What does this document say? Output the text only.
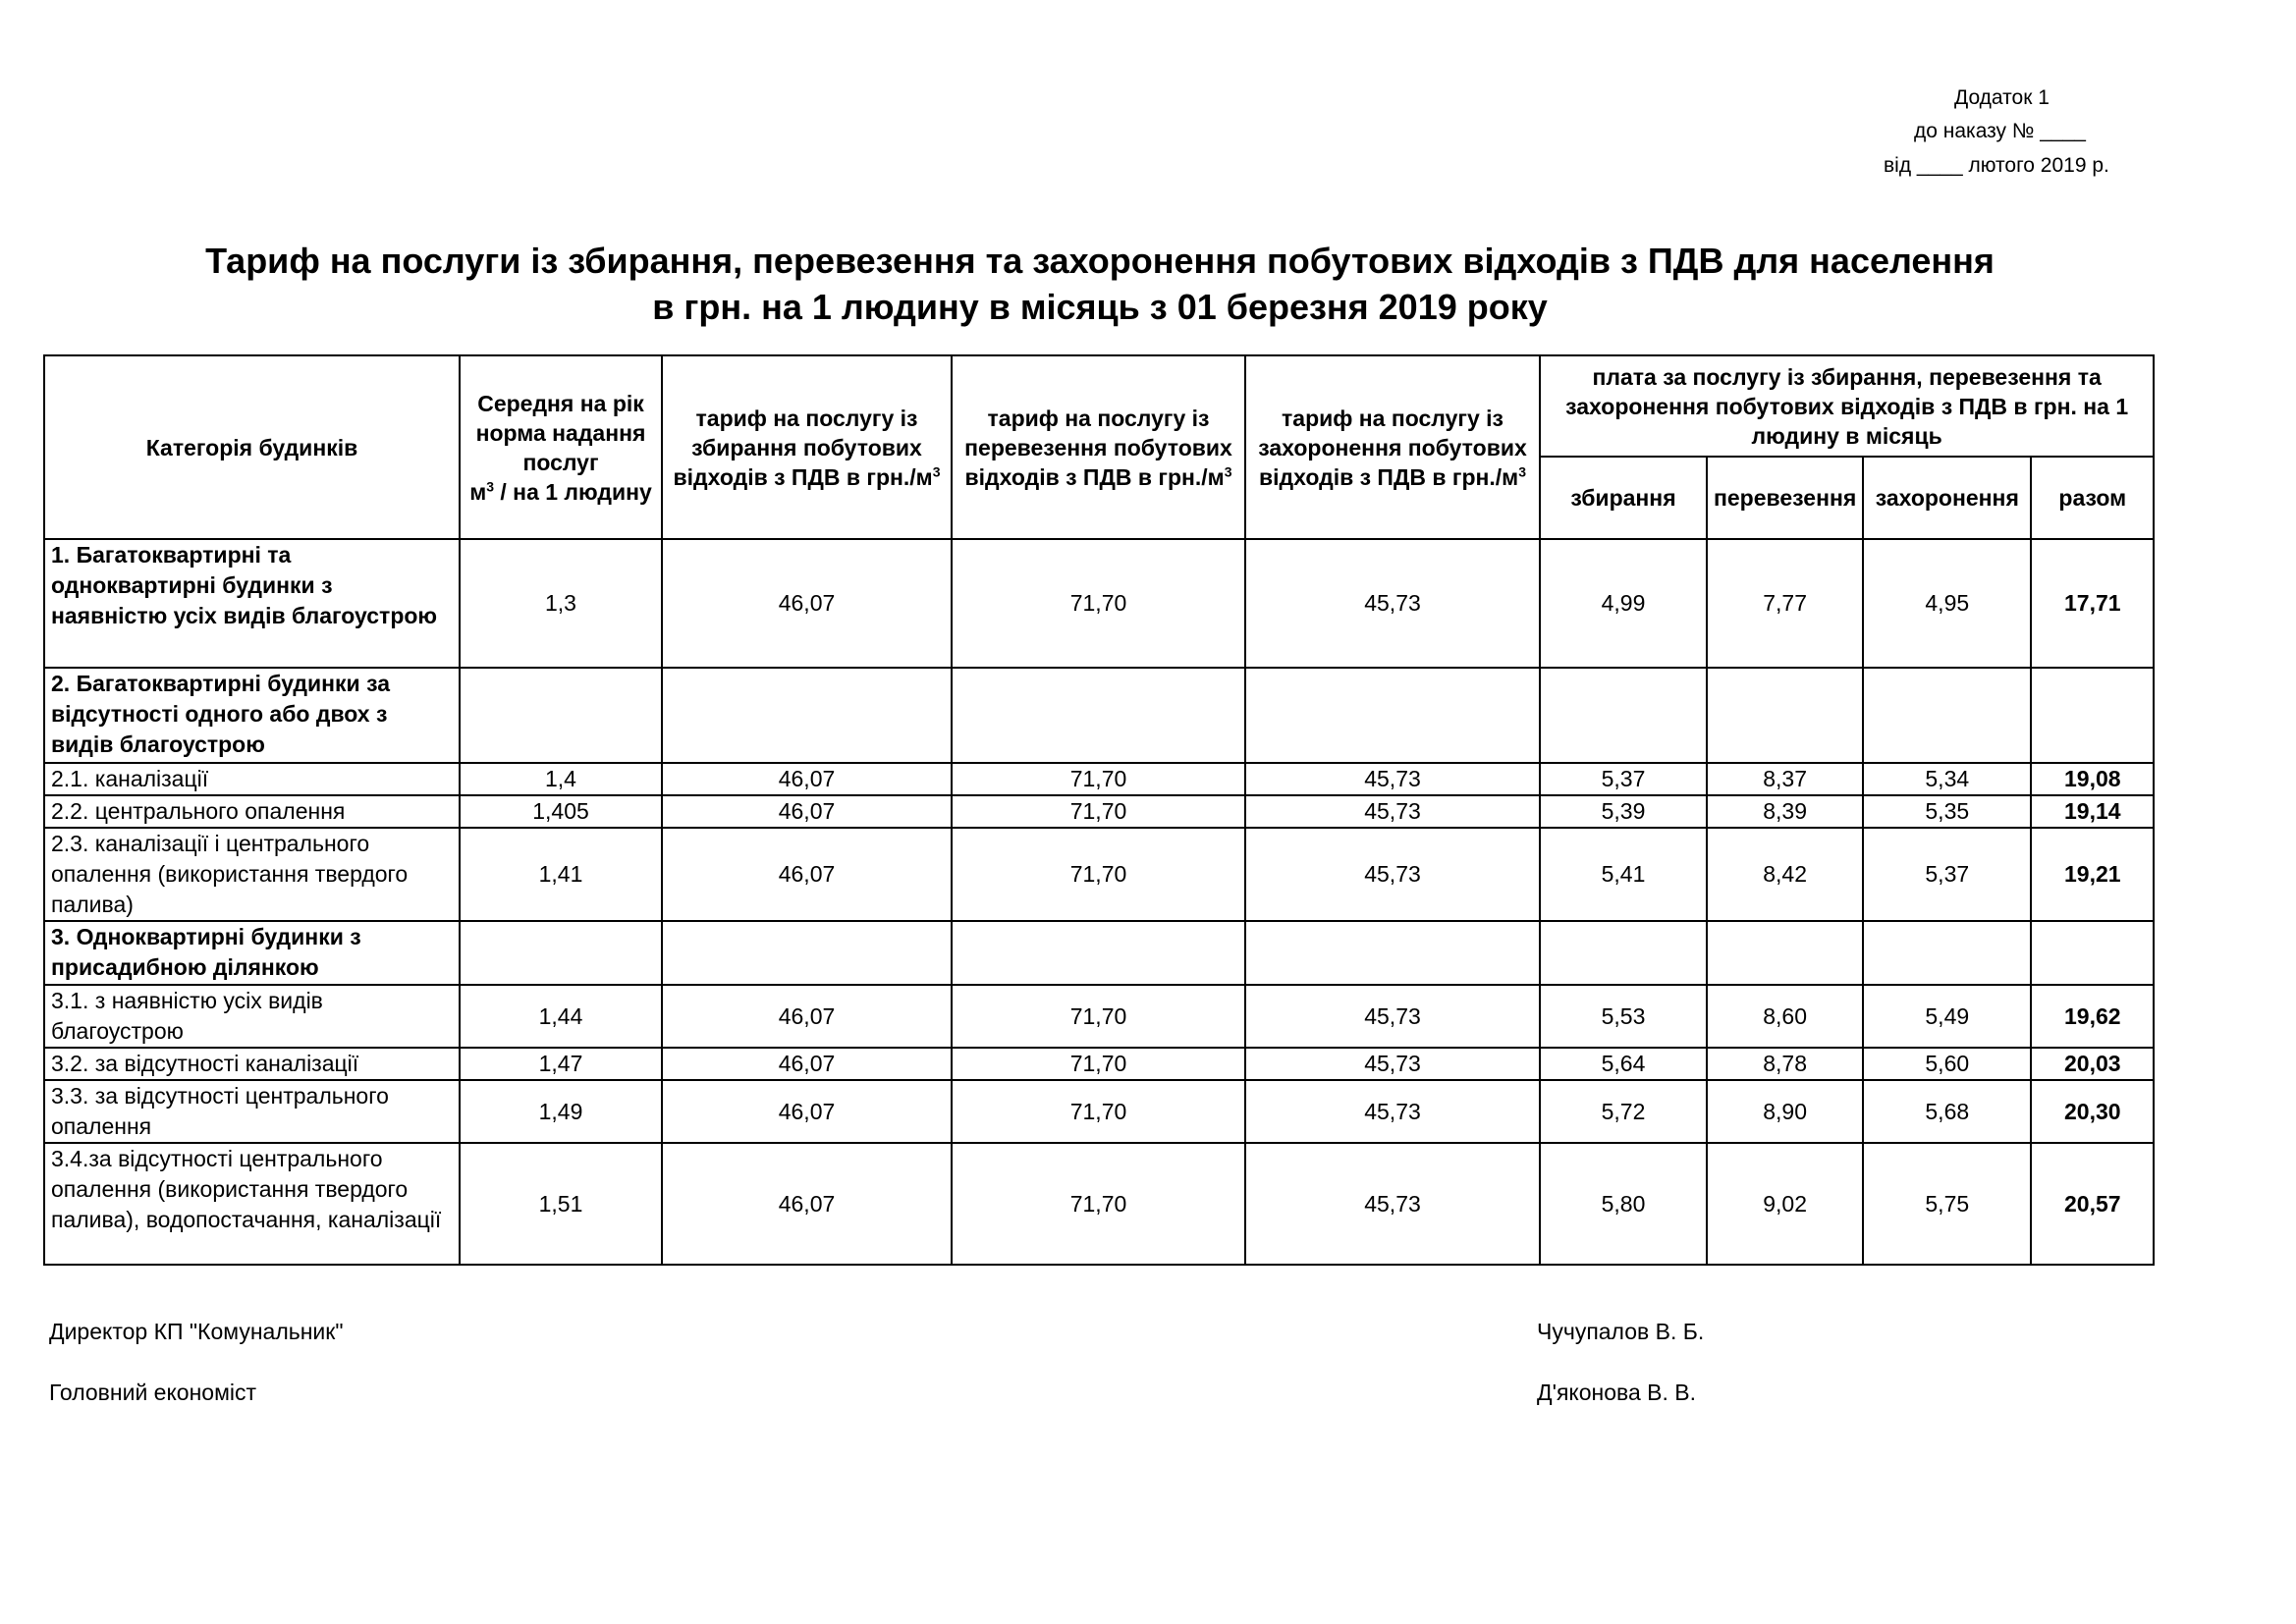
Додаток 1
до наказу № ____
від ____ лютого 2019 р.
Тариф на послуги із збирання, перевезення та захоронення побутових відходів з ПДВ для населення
в грн. на 1 людину в місяць з 01 березня 2019 року
Категорія будинків	Середня на рік норма надання послуг
$м^3$ / на 1 людину	тариф на послугу із збирання побутових відходів з ПДВ в $грн./м^3$	тариф на послугу із перевезення побутових відходів з ПДВ в $грн./м^3$	тариф на послугу із захоронення побутових відходів з ПДВ в $грн./м^3$	плата за послугу із збирання, перевезення та захоронення побутових відходів з ПДВ в грн. на 1 людину в місяць			
					збирання	перевезення	захоронення	разом
1. Багатоквартирні та одноквартирні будинки з наявністю усіх видів благоустрою	1,3	46,07	71,70	45,73	4,99	7,77	4,95	17,71
2. Багатоквартирні будинки за відсутності одного або двох з видів благоустрою								
2.1. каналізації	1,4	46,07	71,70	45,73	5,37	8,37	5,34	19,08
2.2. центрального опалення	1,405	46,07	71,70	45,73	5,39	8,39	5,35	19,14
2.3. каналізації і центрального опалення (використання твердого палива)	1,41	46,07	71,70	45,73	5,41	8,42	5,37	19,21
3. Одноквартирні будинки з присадибною ділянкою								
3.1. з наявністю усіх видів благоустрою	1,44	46,07	71,70	45,73	5,53	8,60	5,49	19,62
3.2. за відсутності каналізації	1,47	46,07	71,70	45,73	5,64	8,78	5,60	20,03
3.3. за відсутності центрального опалення	1,49	46,07	71,70	45,73	5,72	8,90	5,68	20,30
3.4.за відсутності центрального опалення (використання твердого палива), водопостачання, каналізації	1,51	46,07	71,70	45,73	5,80	9,02	5,75	20,57
Директор КП "Комунальник"	Чучупалов В. Б.
Головний економіст	Д'яконова В. В.
